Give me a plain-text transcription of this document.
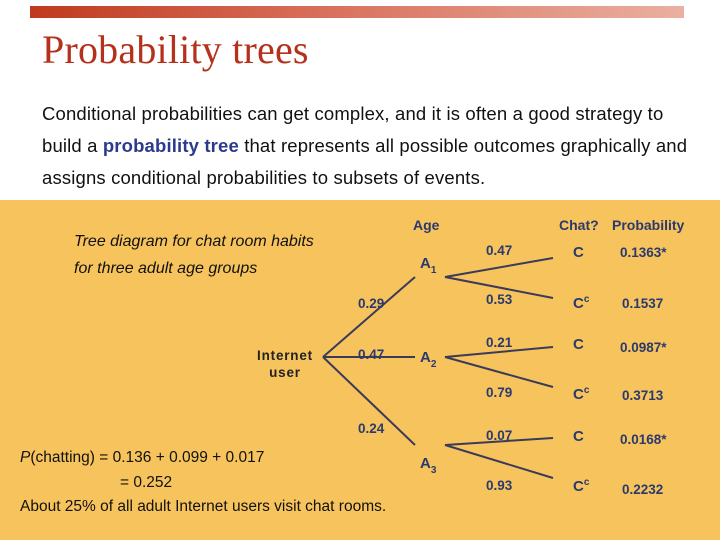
Probability trees
Conditional probabilities can get complex, and it is often a good strategy to build a probability tree that represents all possible outcomes graphically and assigns conditional probabilities to subsets of events.
Tree diagram for chat room habits for three adult age groups
Internet user
Age	Chat? Probability
0.29
0.47
0.24
$A_1$
$A_2$
$A_3$
0.47
0.53
0.21
0.79
0.07
0.93
C
$C^c$
C
$C^c$
C
$C^c$
0.1363*
0.1537
0.0987*
0.3713
0.0168*
0.2232
P(chatting) = 0.136 + 0.099 + 0.017
= 0.252
About 25% of all adult Internet users visit chat rooms.
